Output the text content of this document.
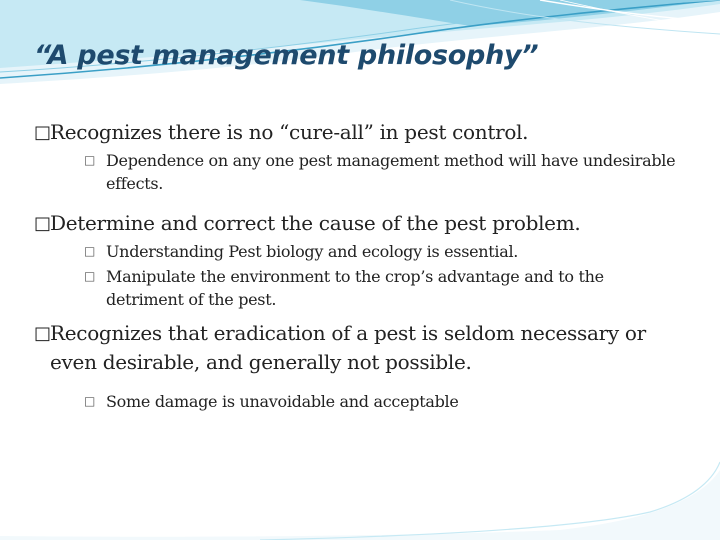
“A pest management philosophy”
□ Recognizes there is no “cure-all” in pest control.
□ Dependence on any one pest management method will have undesirable effects.
□ Determine and correct the cause of the pest problem.
□ Understanding Pest biology and ecology is essential.
□ Manipulate the environment to the crop’s advantage and to the detriment of the pest.
□ Recognizes that eradication of a pest is seldom necessary or even desirable, and generally not possible.
□ Some damage is unavoidable and acceptable
